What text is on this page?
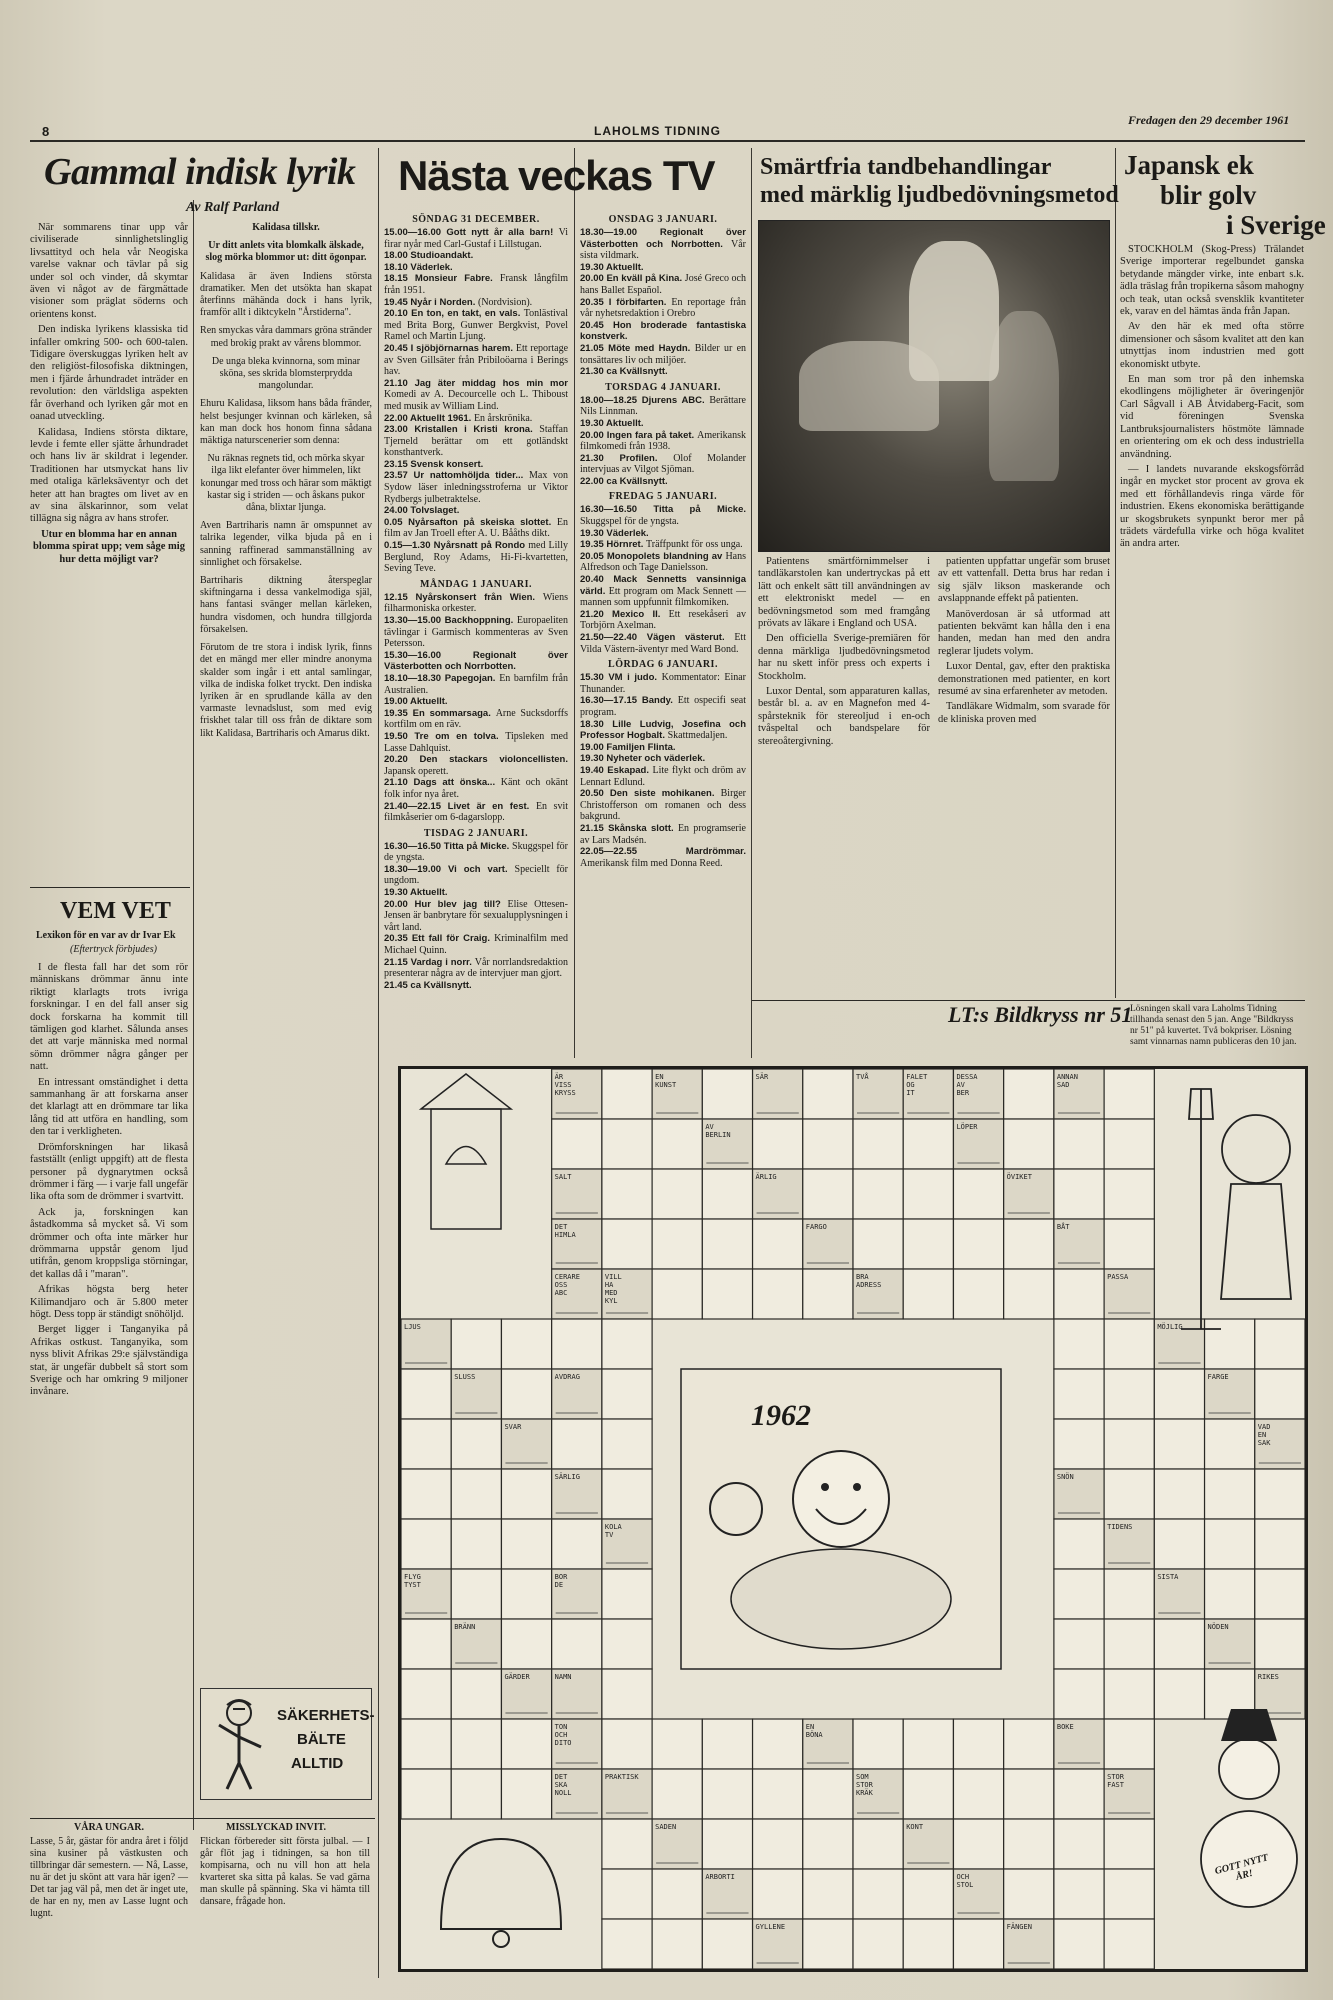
8	LAHOLMS TIDNING
Fredagen den 29 december 1961
Gammal indisk lyrik
Av Ralf Parland

När sommarens tinar upp vår civiliserade sinnlighetslinglig livsattityd och hela vår Neogiska varelse vaknar och tävlar på sig under sol och vinder, då skymtar även vi något av de färgmättade visioner som präglat söderns och orientens konst.

Den indiska lyrikens klassiska tid infaller omkring 500- och 600-talen. Tidigare överskuggas lyriken helt av den religiöst-filosofiska diktningen, men i fjärde århundradet inträder en revolution: den världsliga aspekten får överhand och lyriken går mot en oanad utveckling.

Kalidasa, Indiens största diktare, levde i femte eller sjätte århundradet och hans liv är skildrat i legender. Traditionen har utsmyckat hans liv med otaliga kärleksäventyr och det heter att han bragtes om livet av en av sina älskarinnor, som velat tillägna sig några av hans strofer.

Utur en blomma har en annan blomma spirat upp; vem såge mig hur detta möjligt var?

Kalidasa tillskr.
Ur ditt anlets vita blomkalk älskade, slog mörka blommor ut: ditt ögonpar.
Kalidasa är även Indiens största dramatiker. Men det utsökta han skapat återfinns mähända dock i hans lyrik, framför allt i diktcykeln "Årstiderna".
Ren smyckas våra dammars gröna stränder med brokig prakt av vårens blommor.
De unga bleka kvinnorna, som minar sköna, ses skrida blomsterprydda mangolundar.
Ehuru Kalidasa, liksom hans båda fränder, helst besjunger kvinnan och kärleken, så kan man dock hos honom finna sådana mäktiga naturscenerier som denna:
Nu räknas regnets tid, och mörka skyar ilga likt elefanter över himmelen, likt konungar med tross och härar som mäktigt kastar sig i striden — och åskans pukor dåna, blixtar ljunga.
Aven Bartriharis namn är omspunnet av talrika legender, vilka bjuda på en i sanning raffinerad sammanställning av sinnlighet och försakelse.
Bartriharis diktning återspeglar skiftningarna i dessa vankelmodiga själ, hans fantasi svänger mellan kärleken, hundra visdomen, och hundra tillgjorda försakelsen.
Förutom de tre stora i indisk lyrik, finns det en mängd mer eller mindre anonyma skalder som ingår i ett antal samlingar, vilka de indiska folket tryckt. Den indiska lyriken är en sprudlande källa av den varmaste levnadslust, som med evig friskhet talar till oss från de diktare som likt Kalidasa, Bartriharis och Amarus dikt.
VEM VET
Lexikon för en var av dr Ivar Ek
(Eftertryck förbjudes)

I de flesta fall har det som rör människans drömmar ännu inte riktigt klarlagts trots ivriga forskningar. I en del fall anser sig dock forskarna ha kommit till tämligen god klarhet. Sålunda anses det att varje människa med normal sömn drömmer några gånger per natt.

En intressant omständighet i detta sammanhang är att forskarna anser det klarlagt att en drömmare tar lika lång tid att utföra en handling, som den tar i verkligheten.

Drömforskningen har likaså fastställt (enligt uppgift) att de flesta personer på dygnarytmen också drömmer i färg — i varje fall ungefär lika ofta som de drömmer i svartvitt.

Ack ja, forskningen kan åstadkomma så mycket så. Vi som drömmer och ofta inte märker hur drömmarna uppstår genom ljud utifrån, genom kroppsliga störningar, det kallas då i "maran".

Afrikas högsta berg heter Kilimandjaro och är 5.800 meter högt. Dess topp är ständigt snöhöljd.

Berget ligger i Tanganyika på Afrikas ostkust. Tanganyika, som nyss blivit Afrikas 29:e självständiga stat, är ungefär dubbelt så stort som Sverige och har omkring 9 miljoner invånare.

SÄKERHETS-
BÄLTE
ALLTID
VÅRA UNGAR.
Lasse, 5 år, gästar för andra året i följd sina kusiner på västkusten och tillbringar där semestern. — Nå, Lasse, nu är det ju skönt att vara här igen? — Det tar jag väl på, men det är inget ute, de har en ny, men av Lasse lugnt och lugnt.
MISSLYCKAD INVIT.
Flickan förbereder sitt första julbal. — I går flöt jag i tidningen, sa hon till kompisarna, och nu vill hon att hela kvarteret ska sitta på kalas. Se vad gärna man skulle på spänning. Ska vi hämta till dansare, frågade hon.
Nästa veckas TV
SÖNDAG 31 DECEMBER.

15.00—16.00 Gott nytt år alla barn! Vi firar nyår med Carl-Gustaf i Lillstugan.

18.00 Studioandakt.

18.10 Väderlek.

18.15 Monsieur Fabre. Fransk långfilm från 1951.

19.45 Nyår i Norden. (Nordvision).

20.10 En ton, en takt, en vals. Tonlästival med Brita Borg, Gunwer Bergkvist, Povel Ramel och Martin Ljung.

20.45 I sjöbjörnarnas harem. Ett reportage av Sven Gillsäter från Pribiloöarna i Berings hav.

21.10 Jag äter middag hos min mor Komedi av A. Decourcelle och L. Thiboust med musik av William Lind.

22.00 Aktuellt 1961. En årskrönika.

23.00 Kristallen i Kristi krona. Staffan Tjerneld berättar om ett gotländskt konsthantverk.

23.15 Svensk konsert.

23.57 Ur nattomhöljda tider... Max von Sydow läser inledningsstroferna ur Viktor Rydbergs julbetraktelse.

24.00 Tolvslaget.

0.05 Nyårsafton på skeiska slottet. En film av Jan Troell efter A. U. Bååths dikt.

0.15—1.30 Nyårsnatt på Rondo med Lilly Berglund, Roy Adams, Hi-Fi-kvartetten, Seving Teve.

MÅNDAG 1 JANUARI.

12.15 Nyårskonsert från Wien. Wiens filharmoniska orkester.

13.30—15.00 Backhoppning. Europaeliten tävlingar i Garmisch kommenteras av Sven Petersson.

15.30—16.00 Regionalt över Västerbotten och Norrbotten.

18.10—18.30 Papegojan. En barnfilm från Australien.

19.00 Aktuellt.

19.35 En sommarsaga. Arne Sucksdorffs kortfilm om en räv.

19.50 Tre om en tolva. Tipsleken med Lasse Dahlquist.

20.20 Den stackars violoncellisten. Japansk operett.

21.10 Dags att önska... Känt och okänt folk infor nya året.

21.40—22.15 Livet är en fest. En svit filmkåserier om 6-dagarslopp.

TISDAG 2 JANUARI.

16.30—16.50 Titta på Micke. Skuggspel för de yngsta.

18.30—19.00 Vi och vart. Speciellt för ungdom.

19.30 Aktuellt.

20.00 Hur blev jag till? Elise Ottesen-Jensen är banbrytare för sexualupplysningen i vårt land.

20.35 Ett fall för Craig. Kriminalfilm med Michael Quinn.

21.15 Vardag i norr. Vår norrlandsredaktion presenterar några av de intervjuer man gjort.

21.45 ca Kvällsnytt.

ONSDAG 3 JANUARI.

18.30—19.00 Regionalt över Västerbotten och Norrbotten. Vår sista vildmark.

19.30 Aktuellt.

20.00 En kväll på Kina. José Greco och hans Ballet Español.

20.35 I förbifarten. En reportage från vår nyhetsredaktion i Orebro

20.45 Hon broderade fantastiska konstverk.

21.05 Möte med Haydn. Bilder ur en tonsättares liv och miljöer.

21.30 ca Kvällsnytt.

TORSDAG 4 JANUARI.

18.00—18.25 Djurens ABC. Berättare Nils Linnman.

19.30 Aktuellt.

20.00 Ingen fara på taket. Amerikansk filmkomedi från 1938.

21.30 Profilen. Olof Molander intervjuas av Vilgot Sjöman.

22.00 ca Kvällsnytt.

FREDAG 5 JANUARI.

16.30—16.50 Titta på Micke. Skuggspel för de yngsta.

19.30 Väderlek.

19.35 Hörnret. Träffpunkt för oss unga.

20.05 Monopolets blandning av Hans Alfredson och Tage Danielsson.

20.40 Mack Sennetts vansinniga värld. Ett program om Mack Sennett — mannen som uppfunnit filmkomiken.

21.20 Mexico II. Ett resekåseri av Torbjörn Axelman.

21.50—22.40 Vägen västerut. Ett Vilda Västern-äventyr med Ward Bond.

LÖRDAG 6 JANUARI.

15.30 VM i judo. Kommentator: Einar Thunander.

16.30—17.15 Bandy. Ett ospecifi seat program.

18.30 Lille Ludvig, Josefina och Professor Hogbalt. Skattmedaljen.

19.00 Familjen Flinta.

19.30 Nyheter och väderlek.

19.40 Eskapad. Lite flykt och dröm av Lennart Edlund.

20.50 Den siste mohikanen. Birger Christofferson om romanen och dess bakgrund.

21.15 Skånska slott. En programserie av Lars Madsén.

22.05—22.55 Mardrömmar. Amerikansk film med Donna Reed.

Smärtfria tandbehandlingar
med märklig ljudbedövningsmetod

Patientens smärtförnimmelser i tandläkarstolen kan undertryckas på ett lätt och enkelt sätt till användningen av ett elektroniskt medel — en bedövningsmetod som med framgång prövats av läkare i England och USA.

Den officiella Sverige-premiären för denna märkliga ljudbedövningsmetod har nu skett inför press och experts i Stockholm.

Luxor Dental, som apparaturen kallas, består bl. a. av en Magnefon med 4-spårsteknik för stereoljud i en-och tvåspeltal och bandspelare för stereoåtergivning.

patienten uppfattar ungefär som bruset av ett vattenfall. Detta brus har redan i sig själv likson maskerande och avslappnande effekt på patienten.

Manöverdosan är så utformad att patienten bekvämt kan hålla den i ena handen, medan han med den andra reglerar ljudets volym.

Luxor Dental, gav, efter den praktiska demonstrationen med patienter, en kort resumé av sina erfarenheter av metoden.

Tandläkare Widmalm, som svarade för de kliniska proven med

Japansk ek
blir golv
i Sverige

STOCKHOLM (Skog-Press) Trälandet Sverige importerar regelbundet ganska betydande mängder virke, inte enbart s.k. ädla träslag från tropikerna såsom mahogny och teak, utan också svensklik kvantiteter ek, varav en del hämtas ända från Japan.

Av den här ek med ofta större dimensioner och såsom kvalitet att den kan utnyttjas inom industrien med gott ekonomiskt utbyte.

En man som tror på den inhemska ekodlingens möjligheter är överingenjör Carl Sågvall i AB Åtvidaberg-Facit, som vid föreningen Svenska Lantbruksjournalisters höstmöte lämnade en orientering om ek och dess industriella användning.

— I landets nuvarande ekskogsförråd ingår en mycket stor procent av grova ek med ett förhållandevis ringa värde för industrien. Ekens ekonomiska berättigande ur skogsbrukets synpunkt beror mer på trädets värdefulla virke och höga kvalitet än andra arter.

LT:s Bildkryss nr 51
Lösningen skall vara Laholms Tidning tillhanda senast den 5 jan. Ange "Bildkryss nr 51" på kuvertet. Två bokpriser. Lösning samt vinnarnas namn publiceras den 10 jan.
ÄR
VISS
KRYSS
EN
KUNST
SÄR	TVÅ	FALET
OG
IT
DESSA
AV
BER
ANNAN
SAD
AV
BERLIN
LÖPER
SALT	ÄRLIG	ÖVIKET
DET
HIMLA
FARGO	BÅT
CERARE
OSS
ABC
VILL
HA
MED
KYL
BRA
ADRESS
PASSA
LJUS	MÖJLIG
SLUSS	AVDRAG	FARGE
SVAR	VAD
EN
SAK
SÄRLIG	SNÖN
KOLA
TV
TIDENS
FLYG
TYST
BOR
DE
SISTA
BRÄNN	NÖDEN
GÄRDER	NAMN	RIKES
TON
OCH
DITO
EN
BÖNA
BOKE
DET
SKA
NOLL
PRAKTISK	SOM
STOR
KRÄK
STOR
FAST
SADEN	KONT
ARBORTI	OCH
STOL
GYLLENE	FÄNGEN
1962
GOTT NYTT ÅR!
